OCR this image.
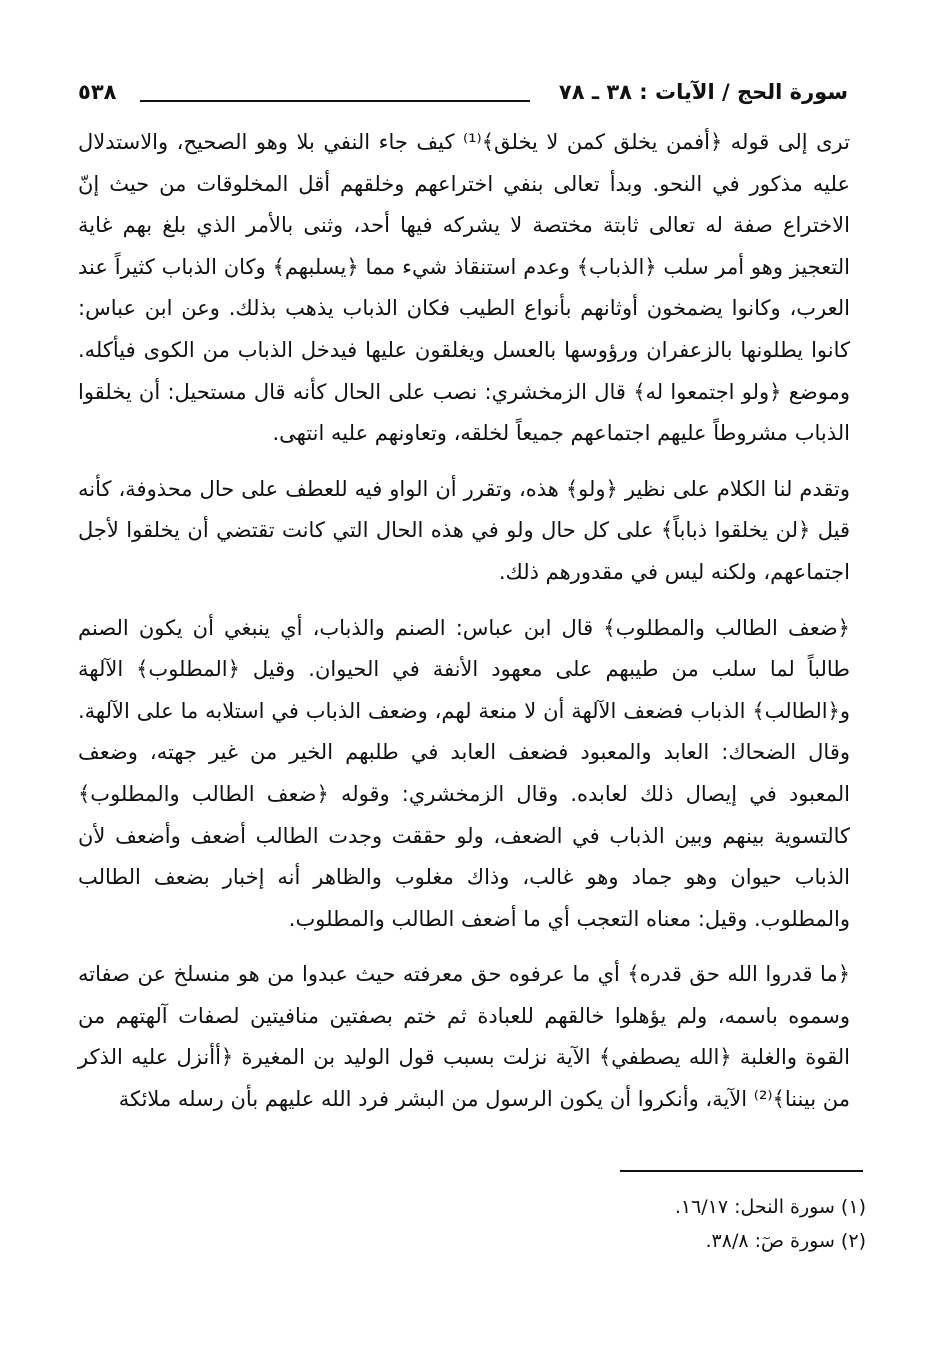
٥٣٨	سورة الحج / الآيات : ٣٨ ـ ٧٨

ترى إلى قوله ﴿أفمن يخلق كمن لا يخلق﴾⁽¹⁾ كيف جاء النفي بلا وهو الصحيح، والاستدلال عليه مذكور في النحو. وبدأ تعالى بنفي اختراعهم وخلقهم أقل المخلوقات من حيث إنّ الاختراع صفة له تعالى ثابتة مختصة لا يشركه فيها أحد، وثنى بالأمر الذي بلغ بهم غاية التعجيز وهو أمر سلب ﴿الذباب﴾ وعدم استنقاذ شيء مما ﴿يسلبهم﴾ وكان الذباب كثيراً عند العرب، وكانوا يضمخون أوثانهم بأنواع الطيب فكان الذباب يذهب بذلك. وعن ابن عباس: كانوا يطلونها بالزعفران ورؤوسها بالعسل ويغلقون عليها فيدخل الذباب من الكوى فيأكله. وموضع ﴿ولو اجتمعوا له﴾ قال الزمخشري: نصب على الحال كأنه قال مستحيل: أن يخلقوا الذباب مشروطاً عليهم اجتماعهم جميعاً لخلقه، وتعاونهم عليه انتهى.

وتقدم لنا الكلام على نظير ﴿ولو﴾ هذه، وتقرر أن الواو فيه للعطف على حال محذوفة، كأنه قيل ﴿لن يخلقوا ذباباً﴾ على كل حال ولو في هذه الحال التي كانت تقتضي أن يخلقوا لأجل اجتماعهم، ولكنه ليس في مقدورهم ذلك.

﴿ضعف الطالب والمطلوب﴾ قال ابن عباس: الصنم والذباب، أي ينبغي أن يكون الصنم طالباً لما سلب من طيبهم على معهود الأنفة في الحيوان. وقيل ﴿المطلوب﴾ الآلهة و﴿الطالب﴾ الذباب فضعف الآلهة أن لا منعة لهم، وضعف الذباب في استلابه ما على الآلهة. وقال الضحاك: العابد والمعبود فضعف العابد في طلبهم الخير من غير جهته، وضعف المعبود في إيصال ذلك لعابده. وقال الزمخشري: وقوله ﴿ضعف الطالب والمطلوب﴾ كالتسوية بينهم وبين الذباب في الضعف، ولو حققت وجدت الطالب أضعف وأضعف لأن الذباب حيوان وهو جماد وهو غالب، وذاك مغلوب والظاهر أنه إخبار بضعف الطالب والمطلوب. وقيل: معناه التعجب أي ما أضعف الطالب والمطلوب.

﴿ما قدروا الله حق قدره﴾ أي ما عرفوه حق معرفته حيث عبدوا من هو منسلخ عن صفاته وسموه باسمه، ولم يؤهلوا خالقهم للعبادة ثم ختم بصفتين منافيتين لصفات آلهتهم من القوة والغلبة ﴿الله يصطفي﴾ الآية نزلت بسبب قول الوليد بن المغيرة ﴿أأنزل عليه الذكر من بيننا﴾⁽²⁾ الآية، وأنكروا أن يكون الرسول من البشر فرد الله عليهم بأن رسله ملائكة

(١) سورة النحل: ١٦/١٧.
(٢) سورة صٓ: ٣٨/٨.
